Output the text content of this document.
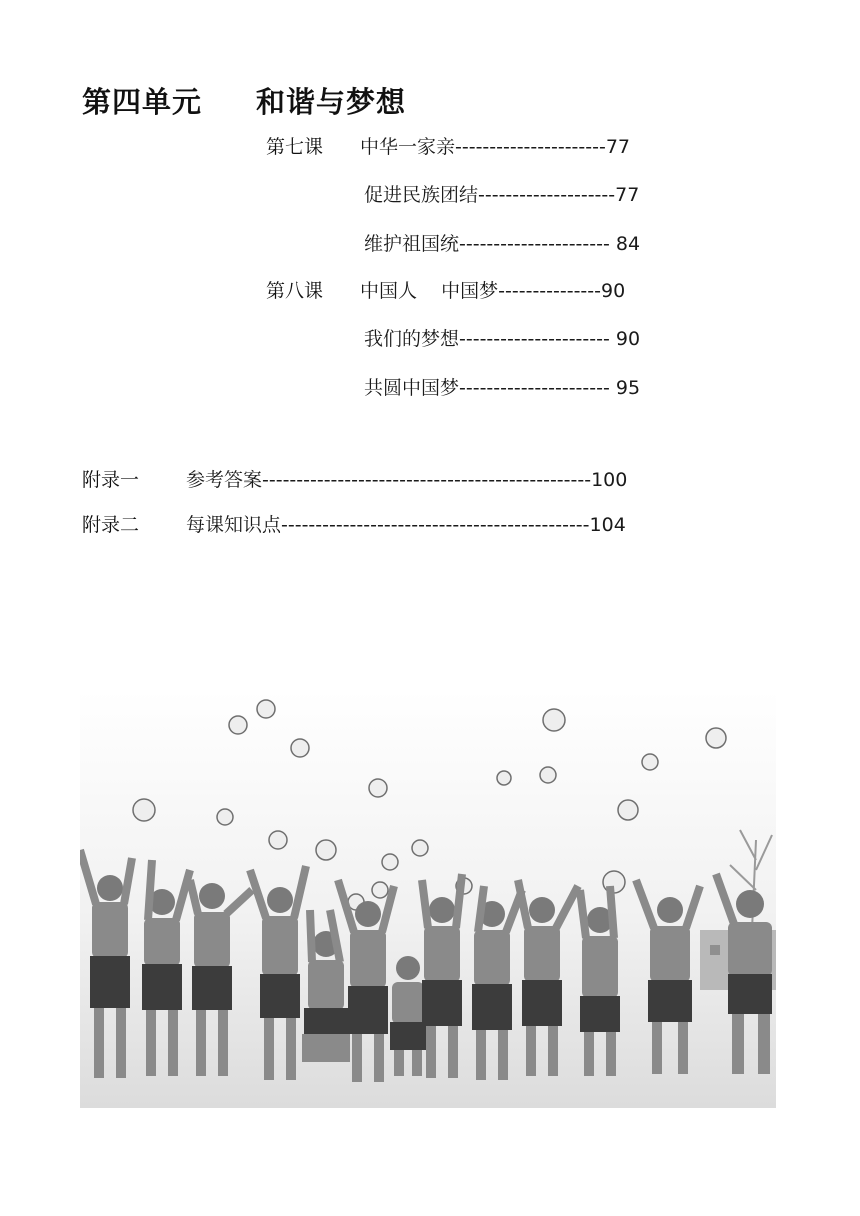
第四单元 和谐与梦想
第七课 中华一家亲----------------------77
促进民族团结--------------------77
维护祖国统---------------------- 84
第八课 中国人    中国梦---------------90
我们的梦想---------------------- 90
共圆中国梦---------------------- 95
附录一 参考答案------------------------------------------------100
附录二 每课知识点---------------------------------------------104
